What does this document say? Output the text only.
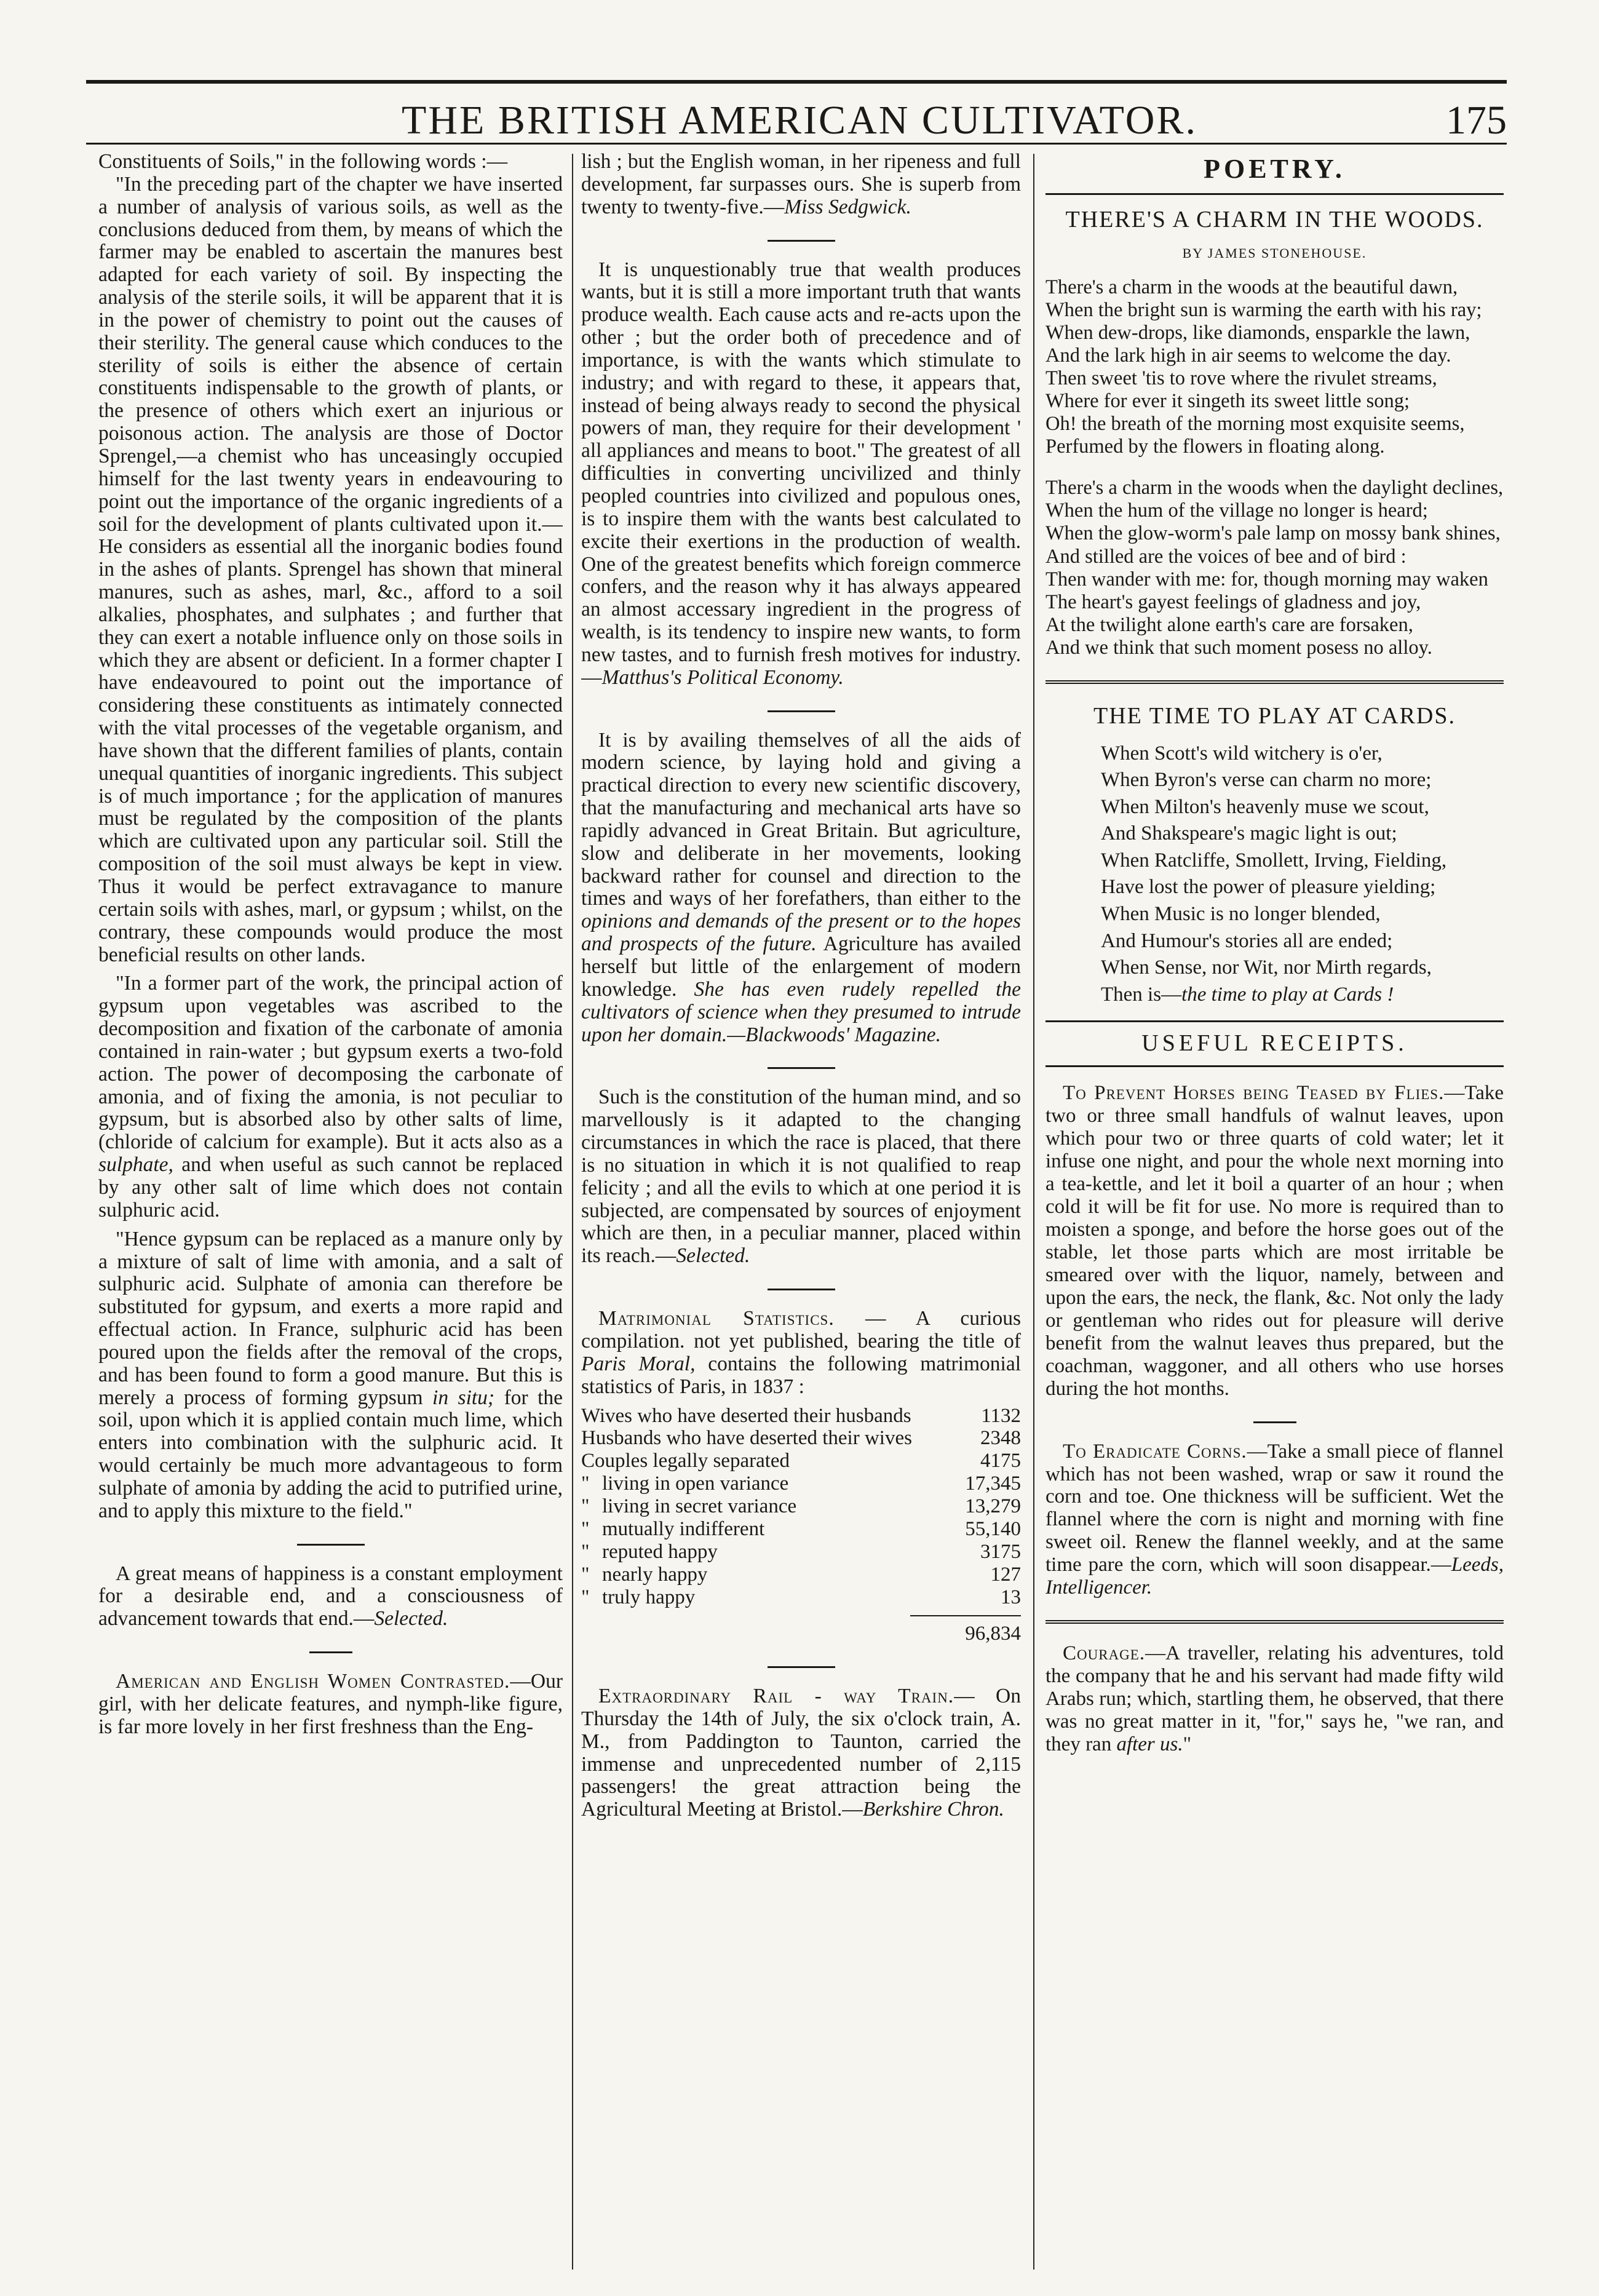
THE BRITISH AMERICAN CULTIVATOR.	175

Constituents of Soils," in the following words :—

"In the preceding part of the chapter we have inserted a number of analysis of various soils, as well as the conclusions deduced from them, by means of which the farmer may be enabled to ascertain the manures best adapted for each variety of soil. By inspecting the analysis of the sterile soils, it will be apparent that it is in the power of chemistry to point out the causes of their sterility. The general cause which conduces to the sterility of soils is either the absence of certain constituents indispensable to the growth of plants, or the presence of others which exert an injurious or poisonous action. The analysis are those of Doctor Sprengel,—a chemist who has unceasingly occupied himself for the last twenty years in endeavouring to point out the importance of the organic ingredients of a soil for the development of plants cultivated upon it.—He considers as essential all the inorganic bodies found in the ashes of plants. Sprengel has shown that mineral manures, such as ashes, marl, &c., afford to a soil alkalies, phosphates, and sulphates ; and further that they can exert a notable influence only on those soils in which they are absent or deficient. In a former chapter I have endeavoured to point out the importance of considering these constituents as intimately connected with the vital processes of the vegetable organism, and have shown that the different families of plants, contain unequal quantities of inorganic ingredients. This subject is of much importance ; for the application of manures must be regulated by the composition of the plants which are cultivated upon any particular soil. Still the composition of the soil must always be kept in view. Thus it would be perfect extravagance to manure certain soils with ashes, marl, or gypsum ; whilst, on the contrary, these compounds would produce the most beneficial results on other lands.

"In a former part of the work, the principal action of gypsum upon vegetables was ascribed to the decomposition and fixation of the carbonate of amonia contained in rain-water ; but gypsum exerts a two-fold action. The power of decomposing the carbonate of amonia, and of fixing the amonia, is not peculiar to gypsum, but is absorbed also by other salts of lime, (chloride of calcium for example). But it acts also as a sulphate, and when useful as such cannot be replaced by any other salt of lime which does not contain sulphuric acid.

"Hence gypsum can be replaced as a manure only by a mixture of salt of lime with amonia, and a salt of sulphuric acid. Sulphate of amonia can therefore be substituted for gypsum, and exerts a more rapid and effectual action. In France, sulphuric acid has been poured upon the fields after the removal of the crops, and has been found to form a good manure. But this is merely a process of forming gypsum in situ; for the soil, upon which it is applied contain much lime, which enters into combination with the sulphuric acid. It would certainly be much more advantageous to form sulphate of amonia by adding the acid to putrified urine, and to apply this mixture to the field."

A great means of happiness is a constant employment for a desirable end, and a consciousness of advancement towards that end.—Selected.

American and English Women Contrasted.—Our girl, with her delicate features, and nymph-like figure, is far more lovely in her first freshness than the Eng-

lish ; but the English woman, in her ripeness and full development, far surpasses ours. She is superb from twenty to twenty-five.—Miss Sedgwick.

It is unquestionably true that wealth produces wants, but it is still a more important truth that wants produce wealth. Each cause acts and re-acts upon the other ; but the order both of precedence and of importance, is with the wants which stimulate to industry; and with regard to these, it appears that, instead of being always ready to second the physical powers of man, they require for their development ' all appliances and means to boot." The greatest of all difficulties in converting uncivilized and thinly peopled countries into civilized and populous ones, is to inspire them with the wants best calculated to excite their exertions in the production of wealth. One of the greatest benefits which foreign commerce confers, and the reason why it has always appeared an almost accessary ingredient in the progress of wealth, is its tendency to inspire new wants, to form new tastes, and to furnish fresh motives for industry.—Matthus's Political Economy.

It is by availing themselves of all the aids of modern science, by laying hold and giving a practical direction to every new scientific discovery, that the manufacturing and mechanical arts have so rapidly advanced in Great Britain. But agriculture, slow and deliberate in her movements, looking backward rather for counsel and direction to the times and ways of her forefathers, than either to the opinions and demands of the present or to the hopes and prospects of the future. Agriculture has availed herself but little of the enlargement of modern knowledge. She has even rudely repelled the cultivators of science when they presumed to intrude upon her domain.—Blackwoods' Magazine.

Such is the constitution of the human mind, and so marvellously is it adapted to the changing circumstances in which the race is placed, that there is no situation in which it is not qualified to reap felicity ; and all the evils to which at one period it is subjected, are compensated by sources of enjoyment which are then, in a peculiar manner, placed within its reach.—Selected.

Matrimonial Statistics. — A curious compilation. not yet published, bearing the title of Paris Moral, contains the following matrimonial statistics of Paris, in 1837 :

Wives who have deserted their husbands	1132
Husbands who have deserted their wives	2348
Couples legally separated	4175
" living in open variance	17,345
" living in secret variance	13,279
" mutually indifferent	55,140
" reputed happy	3175
" nearly happy	127
" truly happy	13
96,834

Extraordinary Rail - way Train.— On Thursday the 14th of July, the six o'clock train, A. M., from Paddington to Taunton, carried the immense and unprecedented number of 2,115 passengers! the great attraction being the Agricultural Meeting at Bristol.—Berkshire Chron.

POETRY.
THERE'S A CHARM IN THE WOODS.
BY JAMES STONEHOUSE.
There's a charm in the woods at the beautiful dawn,
When the bright sun is warming the earth with his ray;
When dew-drops, like diamonds, ensparkle the lawn,
And the lark high in air seems to welcome the day.
Then sweet 'tis to rove where the rivulet streams,
Where for ever it singeth its sweet little song;
Oh! the breath of the morning most exquisite seems,
Perfumed by the flowers in floating along.
There's a charm in the woods when the daylight declines,
When the hum of the village no longer is heard;
When the glow-worm's pale lamp on mossy bank shines,
And stilled are the voices of bee and of bird :
Then wander with me: for, though morning may waken
The heart's gayest feelings of gladness and joy,
At the twilight alone earth's care are forsaken,
And we think that such moment posess no alloy.
THE TIME TO PLAY AT CARDS.
When Scott's wild witchery is o'er,
When Byron's verse can charm no more;
When Milton's heavenly muse we scout,
And Shakspeare's magic light is out;
When Ratcliffe, Smollett, Irving, Fielding,
Have lost the power of pleasure yielding;
When Music is no longer blended,
And Humour's stories all are ended;
When Sense, nor Wit, nor Mirth regards,
Then is—the time to play at Cards !
USEFUL RECEIPTS.

To Prevent Horses being Teased by Flies.—Take two or three small handfuls of walnut leaves, upon which pour two or three quarts of cold water; let it infuse one night, and pour the whole next morning into a tea-kettle, and let it boil a quarter of an hour ; when cold it will be fit for use. No more is required than to moisten a sponge, and before the horse goes out of the stable, let those parts which are most irritable be smeared over with the liquor, namely, between and upon the ears, the neck, the flank, &c. Not only the lady or gentleman who rides out for pleasure will derive benefit from the walnut leaves thus prepared, but the coachman, waggoner, and all others who use horses during the hot months.

To Eradicate Corns.—Take a small piece of flannel which has not been washed, wrap or saw it round the corn and toe. One thickness will be sufficient. Wet the flannel where the corn is night and morning with fine sweet oil. Renew the flannel weekly, and at the same time pare the corn, which will soon disappear.—Leeds, Intelligencer.

Courage.—A traveller, relating his adventures, told the company that he and his servant had made fifty wild Arabs run; which, startling them, he observed, that there was no great matter in it, "for," says he, "we ran, and they ran after us."
